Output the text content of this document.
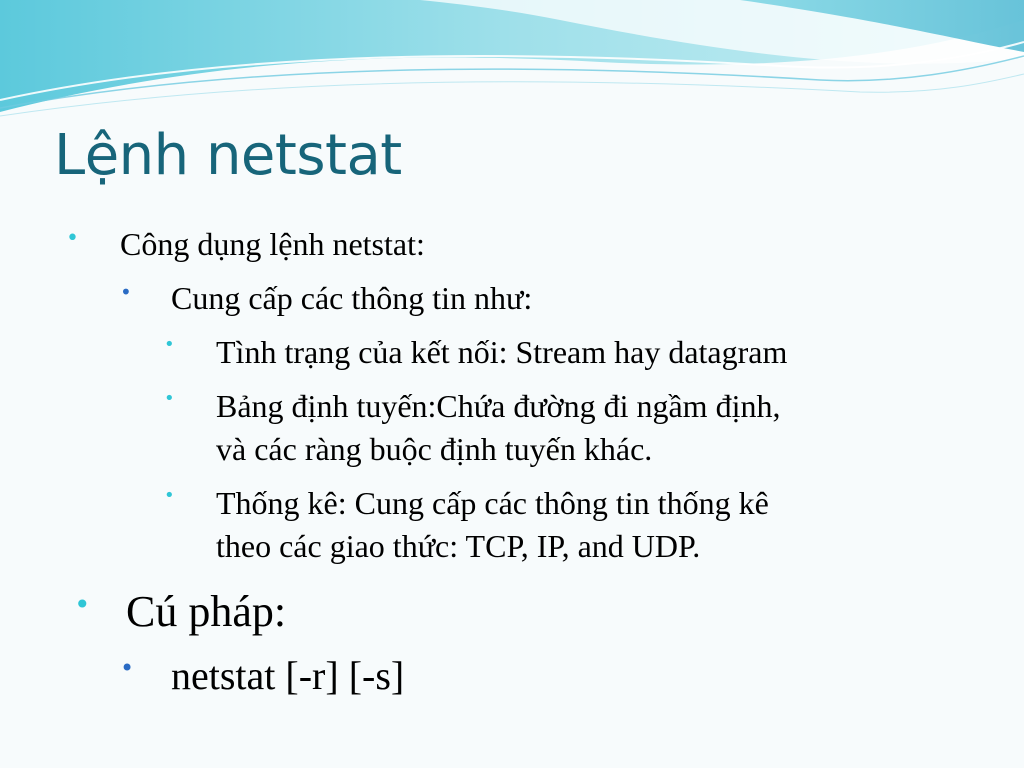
Lệnh netstat
• Công dụng lệnh netstat:
• Cung cấp các thông tin như:
• Tình trạng của kết nối: Stream hay datagram
• Bảng định tuyến:Chứa đường đi ngầm định,
và các ràng buộc định tuyến khác.
• Thống kê: Cung cấp các thông tin thống kê
theo các giao thức: TCP, IP, and UDP.
• Cú pháp:
• netstat [-r] [-s]
